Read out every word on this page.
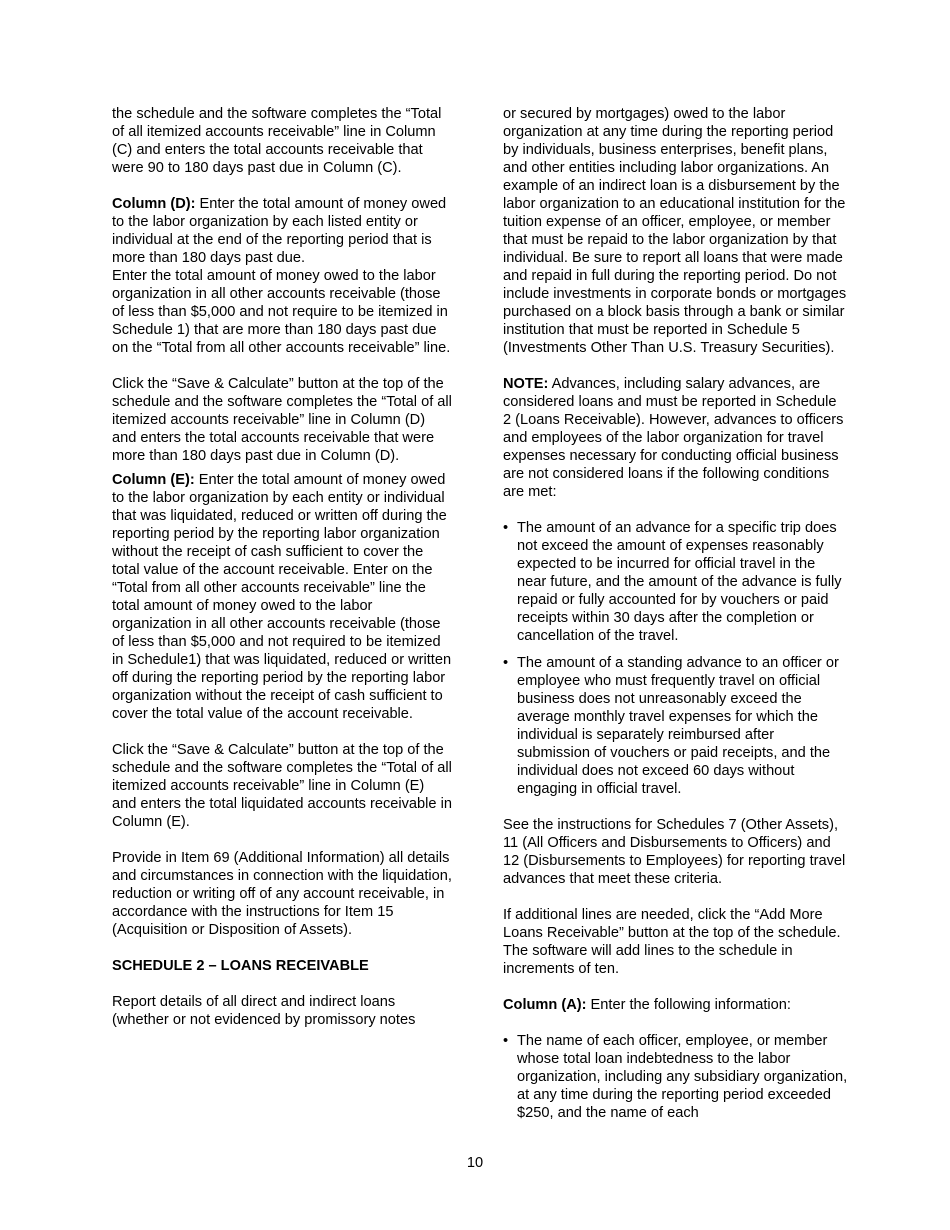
the schedule and the software completes the “Total of all itemized accounts receivable” line in Column (C) and enters the total accounts receivable that were 90 to 180 days past due in Column (C).

Column (D): Enter the total amount of money owed to the labor organization by each listed entity or individual at the end of the reporting period that is more than 180 days past due.

Enter the total amount of money owed to the labor organization in all other accounts receivable (those of less than $5,000 and not require to be itemized in Schedule 1) that are more than 180 days past due on the “Total from all other accounts receivable” line.

Click the “Save & Calculate” button at the top of the schedule and the software completes the “Total of all itemized accounts receivable” line in Column (D) and enters the total accounts receivable that were more than 180 days past due in Column (D).

Column (E): Enter the total amount of money owed to the labor organization by each entity or individual that was liquidated, reduced or written off during the reporting period by the reporting labor organization without the receipt of cash sufficient to cover the total value of the account receivable. Enter on the “Total from all other accounts receivable” line the total amount of money owed to the labor organization in all other accounts receivable (those of less than $5,000 and not required to be itemized in Schedule1) that was liquidated, reduced or written off during the reporting period by the reporting labor organization without the receipt of cash sufficient to cover the total value of the account receivable.

Click the “Save & Calculate” button at the top of the schedule and the software completes the “Total of all itemized accounts receivable” line in Column (E) and enters the total liquidated accounts receivable in Column (E).

Provide in Item 69 (Additional Information) all details and circumstances in connection with the liquidation, reduction or writing off of any account receivable, in accordance with the instructions for Item 15 (Acquisition or Disposition of Assets).

SCHEDULE 2 – LOANS RECEIVABLE

Report details of all direct and indirect loans (whether or not evidenced by promissory notes

or secured by mortgages) owed to the labor organization at any time during the reporting period by individuals, business enterprises, benefit plans, and other entities including labor organizations. An example of an indirect loan is a disbursement by the labor organization to an educational institution for the tuition expense of an officer, employee, or member that must be repaid to the labor organization by that individual. Be sure to report all loans that were made and repaid in full during the reporting period. Do not include investments in corporate bonds or mortgages purchased on a block basis through a bank or similar institution that must be reported in Schedule 5 (Investments Other Than U.S. Treasury Securities).

NOTE: Advances, including salary advances, are considered loans and must be reported in Schedule 2 (Loans Receivable). However, advances to officers and employees of the labor organization for travel expenses necessary for conducting official business are not considered loans if the following conditions are met:

• The amount of an advance for a specific trip does not exceed the amount of expenses reasonably expected to be incurred for official travel in the near future, and the amount of the advance is fully repaid or fully accounted for by vouchers or paid receipts within 30 days after the completion or cancellation of the travel.
• The amount of a standing advance to an officer or employee who must frequently travel on official business does not unreasonably exceed the average monthly travel expenses for which the individual is separately reimbursed after submission of vouchers or paid receipts, and the individual does not exceed 60 days without engaging in official travel.

See the instructions for Schedules 7 (Other Assets), 11 (All Officers and Disbursements to Officers) and 12 (Disbursements to Employees) for reporting travel advances that meet these criteria.

If additional lines are needed, click the “Add More Loans Receivable” button at the top of the schedule. The software will add lines to the schedule in increments of ten.

Column (A): Enter the following information:

• The name of each officer, employee, or member whose total loan indebtedness to the labor organization, including any subsidiary organization, at any time during the reporting period exceeded $250, and the name of each
10
